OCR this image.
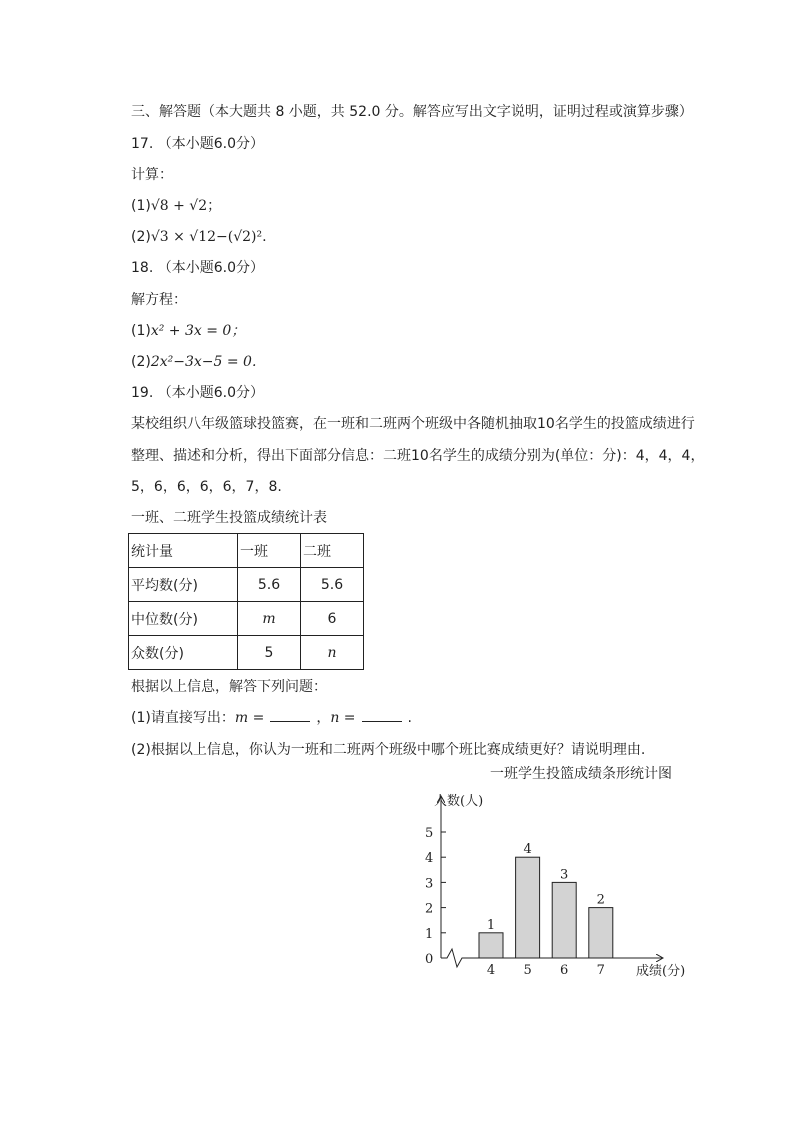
三、解答题（本大题共 8 小题，共 52.0 分。解答应写出文字说明，证明过程或演算步骤）
17. （本小题6.0分）
计算：
(1)√8 + √2；
(2)√3 × √12−(√2)².
18. （本小题6.0分）
解方程：
(1)x² + 3x = 0；
(2)2x²−3x−5 = 0.
19. （本小题6.0分）
某校组织八年级篮球投篮赛，在一班和二班两个班级中各随机抽取10名学生的投篮成绩进行
整理、描述和分析，得出下面部分信息：二班10名学生的成绩分别为(单位：分)：4，4，4，
5，6，6，6，6，7，8.
一班、二班学生投篮成绩统计表
统计量	一班	二班
平均数(分)	5.6	5.6
中位数(分)	m	6
众数(分)	5	n
根据以上信息，解答下列问题：
(1)请直接写出：m =	，n =	.
(2)根据以上信息，你认为一班和二班两个班级中哪个班比赛成绩更好？请说明理由.
一班学生投篮成绩条形统计图
人数(人)
成绩(分)
0
1
2
3
4
5
1
4
4
5
3
6
2
7
